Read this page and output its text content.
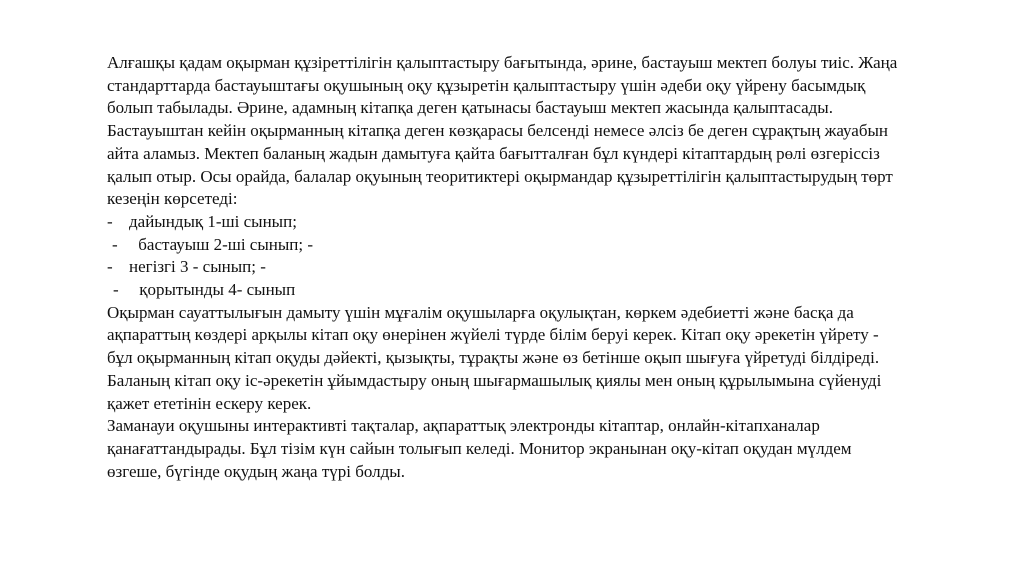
Алғашқы қадам оқырман құзіреттілігін қалыптастыру бағытында, әрине, бастауыш мектеп болуы тиіс. Жаңа стандарттарда бастауыштағы оқушының оқу құзыретін қалыптастыру үшін әдеби оқу үйрену басымдық болып табылады. Әрине, адамның кітапқа деген қатынасы бастауыш мектеп жасында қалыптасады. Бастауыштан кейін оқырманның кітапқа деген көзқарасы белсенді немесе әлсіз бе деген сұрақтың жауабын айта аламыз. Мектеп баланың жадын дамытуға қайта бағытталған бұл күндері кітаптардың рөлі өзгеріссіз қалып отыр. Осы орайда, балалар оқуының теоритиктері оқырмандар құзыреттілігін қалыптастырудың төрт кезеңін көрсетеді:

- дайындық 1-ші сынып;
- бастауыш 2-ші сынып; -
- негізгі 3 - сынып; -
- қорытынды 4- сынып

Оқырман сауаттылығын дамыту үшін мұғалім оқушыларға оқулықтан, көркем әдебиетті және басқа да ақпараттың көздері арқылы кітап оқу өнерінен жүйелі түрде білім беруі керек. Кітап оқу әрекетін үйрету - бұл оқырманның кітап оқуды дәйекті, қызықты, тұрақты және өз бетінше оқып шығуға үйретуді білдіреді. Баланың кітап оқу іс-әрекетін ұйымдастыру оның шығармашылық қиялы мен оның құрылымына сүйенуді қажет ететінін ескеру керек.

Заманауи оқушыны интерактивті тақталар, ақпараттық электронды кітаптар, онлайн-кітапханалар қанағаттандырады. Бұл тізім күн сайын толығып келеді. Монитор экранынан оқу-кітап оқудан мүлдем өзгеше, бүгінде оқудың жаңа түрі болды.
